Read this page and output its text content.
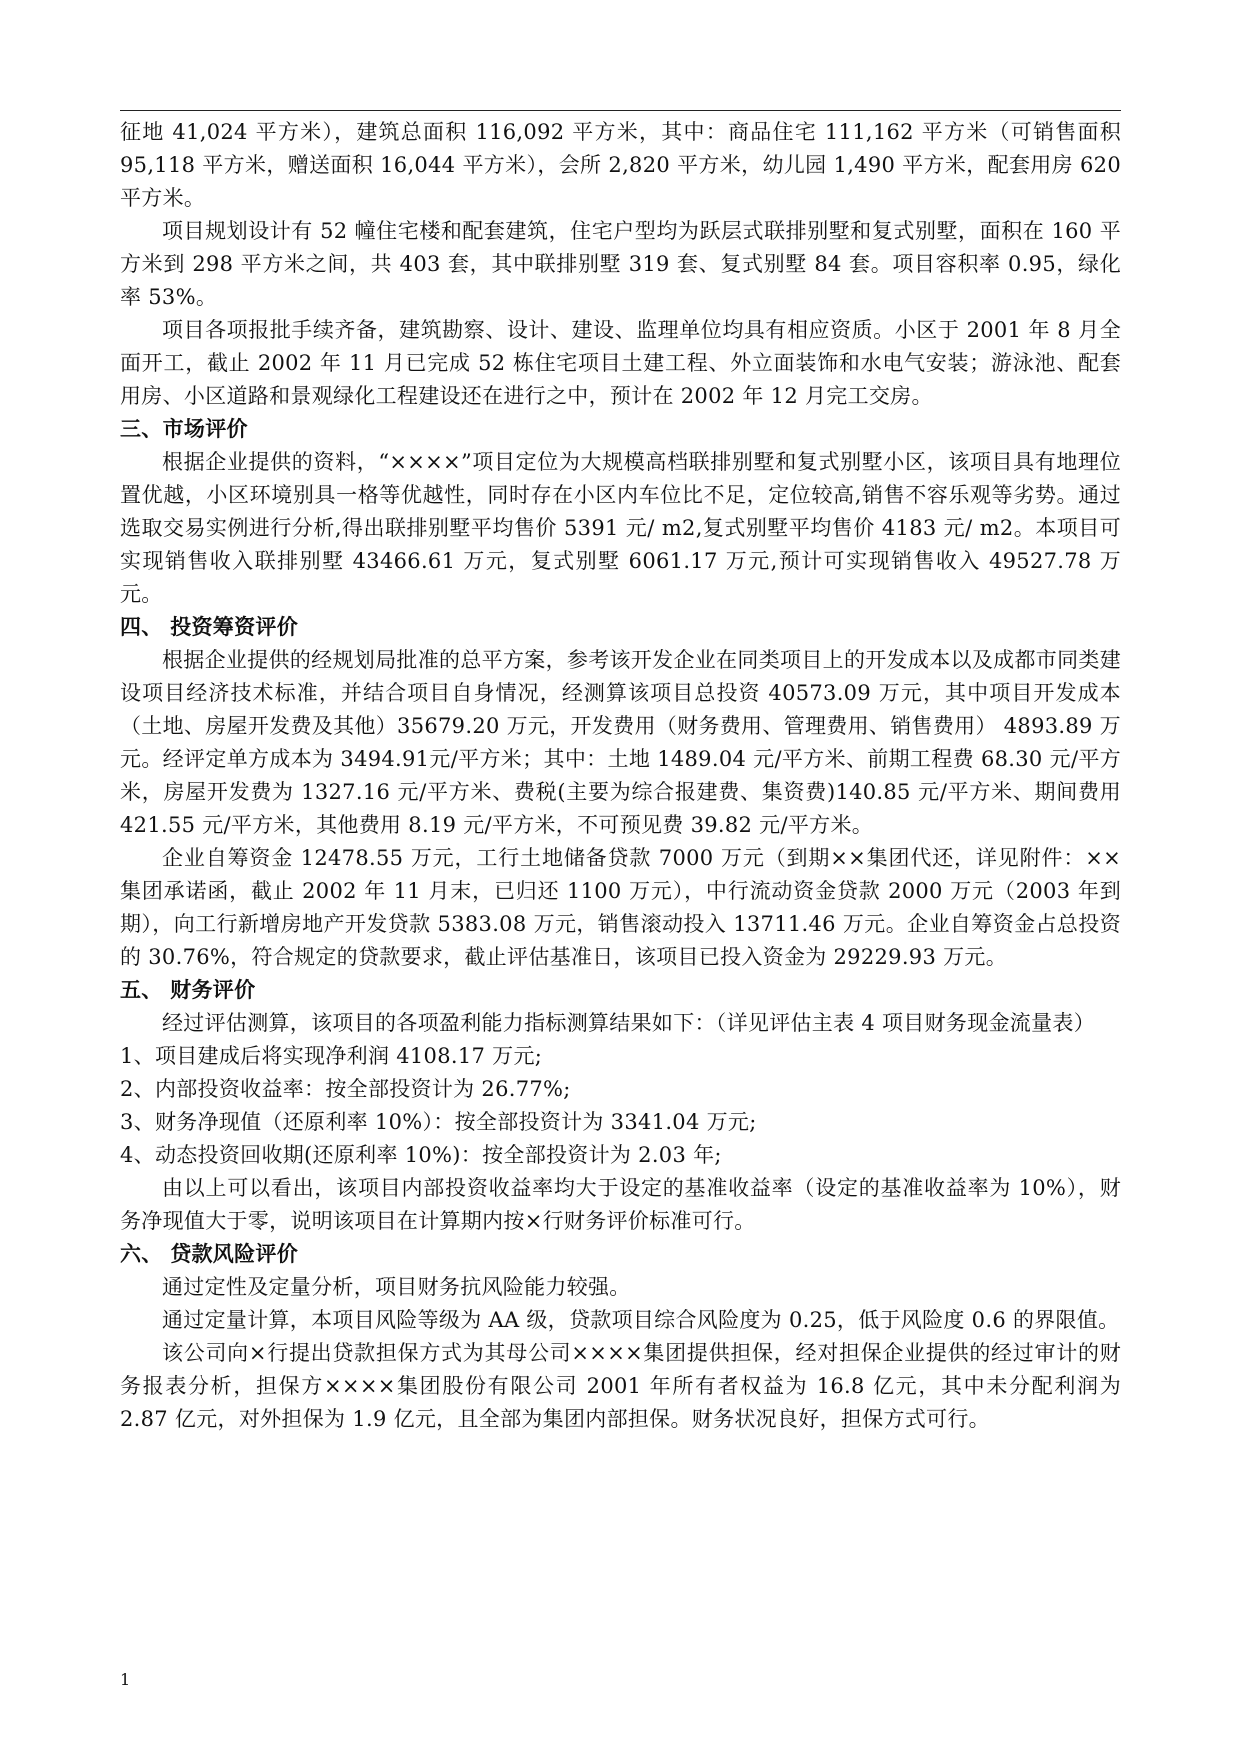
征地 41,024 平方米），建筑总面积 116,092 平方米，其中：商品住宅 111,162 平方米（可销售面积 95,118 平方米，赠送面积 16,044 平方米），会所 2,820 平方米，幼儿园 1,490 平方米，配套用房 620 平方米。

项目规划设计有 52 幢住宅楼和配套建筑，住宅户型均为跃层式联排别墅和复式别墅，面积在 160 平方米到 298 平方米之间，共 403 套，其中联排别墅 319 套、复式别墅 84 套。项目容积率 0.95，绿化率 53%。

项目各项报批手续齐备，建筑勘察、设计、建设、监理单位均具有相应资质。小区于 2001 年 8 月全面开工，截止 2002 年 11 月已完成 52 栋住宅项目土建工程、外立面装饰和水电气安装；游泳池、配套用房、小区道路和景观绿化工程建设还在进行之中，预计在 2002 年 12 月完工交房。

三、市场评价

根据企业提供的资料，“××××”项目定位为大规模高档联排别墅和复式别墅小区，该项目具有地理位置优越，小区环境别具一格等优越性，同时存在小区内车位比不足，定位较高,销售不容乐观等劣势。通过选取交易实例进行分析,得出联排别墅平均售价 5391 元/ m2,复式别墅平均售价 4183 元/ m2。本项目可实现销售收入联排别墅 43466.61 万元，复式别墅 6061.17 万元,预计可实现销售收入 49527.78 万元。

四、 投资筹资评价

根据企业提供的经规划局批准的总平方案，参考该开发企业在同类项目上的开发成本以及成都市同类建设项目经济技术标准，并结合项目自身情况，经测算该项目总投资 40573.09 万元，其中项目开发成本（土地、房屋开发费及其他）35679.20 万元，开发费用（财务费用、管理费用、销售费用） 4893.89 万元。经评定单方成本为 3494.91元/平方米；其中：土地 1489.04 元/平方米、前期工程费 68.30 元/平方米，房屋开发费为 1327.16 元/平方米、费税(主要为综合报建费、集资费)140.85 元/平方米、期间费用 421.55 元/平方米，其他费用 8.19 元/平方米，不可预见费 39.82 元/平方米。

企业自筹资金 12478.55 万元，工行土地储备贷款 7000 万元（到期××集团代还，详见附件：××集团承诺函，截止 2002 年 11 月末，已归还 1100 万元），中行流动资金贷款 2000 万元（2003 年到期），向工行新增房地产开发贷款 5383.08 万元，销售滚动投入 13711.46 万元。企业自筹资金占总投资的 30.76%，符合规定的贷款要求，截止评估基准日，该项目已投入资金为 29229.93 万元。

五、 财务评价

经过评估测算，该项目的各项盈利能力指标测算结果如下：（详见评估主表 4 项目财务现金流量表）

1、项目建成后将实现净利润 4108.17 万元;

2、内部投资收益率：按全部投资计为 26.77%;

3、财务净现值（还原利率 10%）：按全部投资计为 3341.04 万元;

4、动态投资回收期(还原利率 10%)：按全部投资计为 2.03 年;

由以上可以看出，该项目内部投资收益率均大于设定的基准收益率（设定的基准收益率为 10%），财务净现值大于零，说明该项目在计算期内按×行财务评价标准可行。

六、 贷款风险评价

通过定性及定量分析，项目财务抗风险能力较强。

通过定量计算，本项目风险等级为 AA 级，贷款项目综合风险度为 0.25，低于风险度 0.6 的界限值。

该公司向×行提出贷款担保方式为其母公司××××集团提供担保，经对担保企业提供的经过审计的财务报表分析，担保方××××集团股份有限公司 2001 年所有者权益为 16.8 亿元，其中未分配利润为 2.87 亿元，对外担保为 1.9 亿元，且全部为集团内部担保。财务状况良好，担保方式可行。

1
